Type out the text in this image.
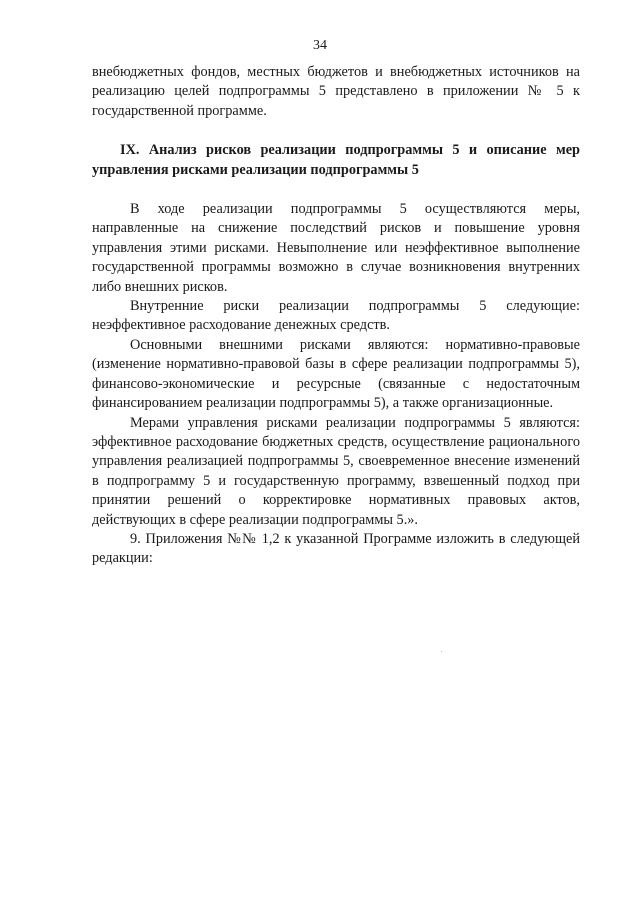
34

внебюджетных фондов, местных бюджетов и внебюджетных источников на реализацию целей подпрограммы 5 представлено в приложении № 5 к государственной программе.

IX. Анализ рисков реализации подпрограммы 5 и описание мер управления рисками реализации подпрограммы 5

В ходе реализации подпрограммы 5 осуществляются меры, направленные на снижение последствий рисков и повышение уровня управления этими рисками. Невыполнение или неэффективное выполнение государственной программы возможно в случае возникновения внутренних либо внешних рисков.

Внутренние риски реализации подпрограммы 5 следующие: неэффективное расходование денежных средств.

Основными внешними рисками являются: нормативно-правовые (изменение нормативно-правовой базы в сфере реализации подпрограммы 5), финансово-экономические и ресурсные (связанные с недостаточным финансированием реализации подпрограммы 5), а также организационные.

Мерами управления рисками реализации подпрограммы 5 являются: эффективное расходование бюджетных средств, осуществление рационального управления реализацией подпрограммы 5, своевременное внесение изменений в подпрограмму 5 и государственную программу, взвешенный подход при принятии решений о корректировке нормативных правовых актов, действующих в сфере реализации подпрограммы 5.».

9. Приложения №№ 1,2 к указанной Программе изложить в следующей редакции:
